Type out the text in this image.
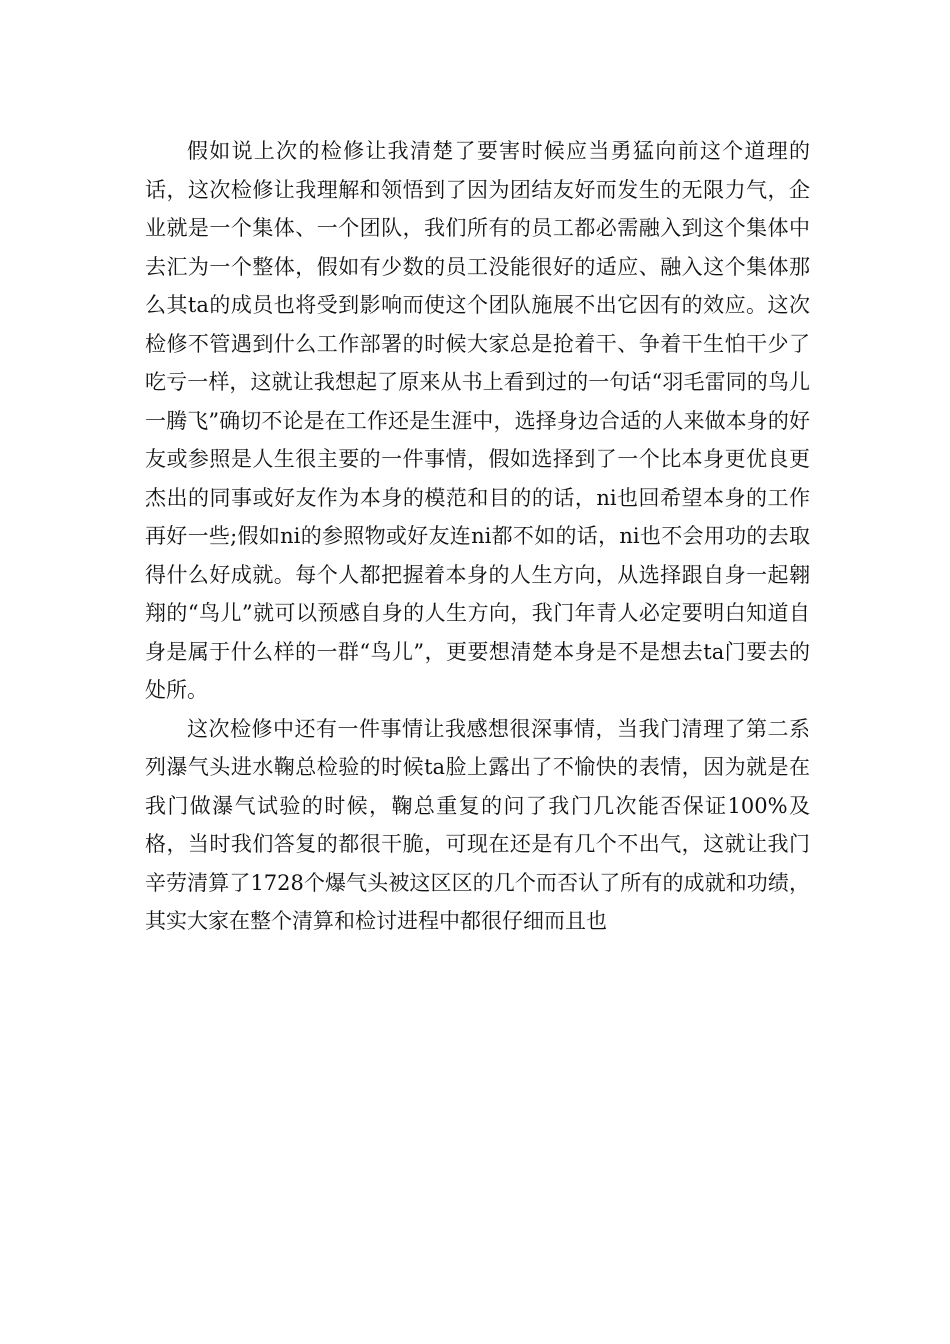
假如说上次的检修让我清楚了要害时候应当勇猛向前这个道理的话，这次检修让我理解和领悟到了因为团结友好而发生的无限力气，企业就是一个集体、一个团队，我们所有的员工都必需融入到这个集体中去汇为一个整体，假如有少数的员工没能很好的适应、融入这个集体那么其ta的成员也将受到影响而使这个团队施展不出它因有的效应。这次检修不管遇到什么工作部署的时候大家总是抢着干、争着干生怕干少了吃亏一样，这就让我想起了原来从书上看到过的一句话“羽毛雷同的鸟儿一腾飞”确切不论是在工作还是生涯中，选择身边合适的人来做本身的好友或参照是人生很主要的一件事情，假如选择到了一个比本身更优良更杰出的同事或好友作为本身的模范和目的的话，ni也回希望本身的工作再好一些;假如ni的参照物或好友连ni都不如的话，ni也不会用功的去取得什么好成就。每个人都把握着本身的人生方向，从选择跟自身一起翱翔的“鸟儿”就可以预感自身的人生方向，我门年青人必定要明白知道自身是属于什么样的一群“鸟儿”，更要想清楚本身是不是想去ta门要去的处所。

这次检修中还有一件事情让我感想很深事情，当我门清理了第二系列瀑气头进水鞠总检验的时候ta脸上露出了不愉快的表情，因为就是在我门做瀑气试验的时候，鞠总重复的问了我门几次能否保证100%及格，当时我们答复的都很干脆，可现在还是有几个不出气，这就让我门辛劳清算了1728个爆气头被这区区的几个而否认了所有的成就和功绩，其实大家在整个清算和检讨进程中都很仔细而且也
